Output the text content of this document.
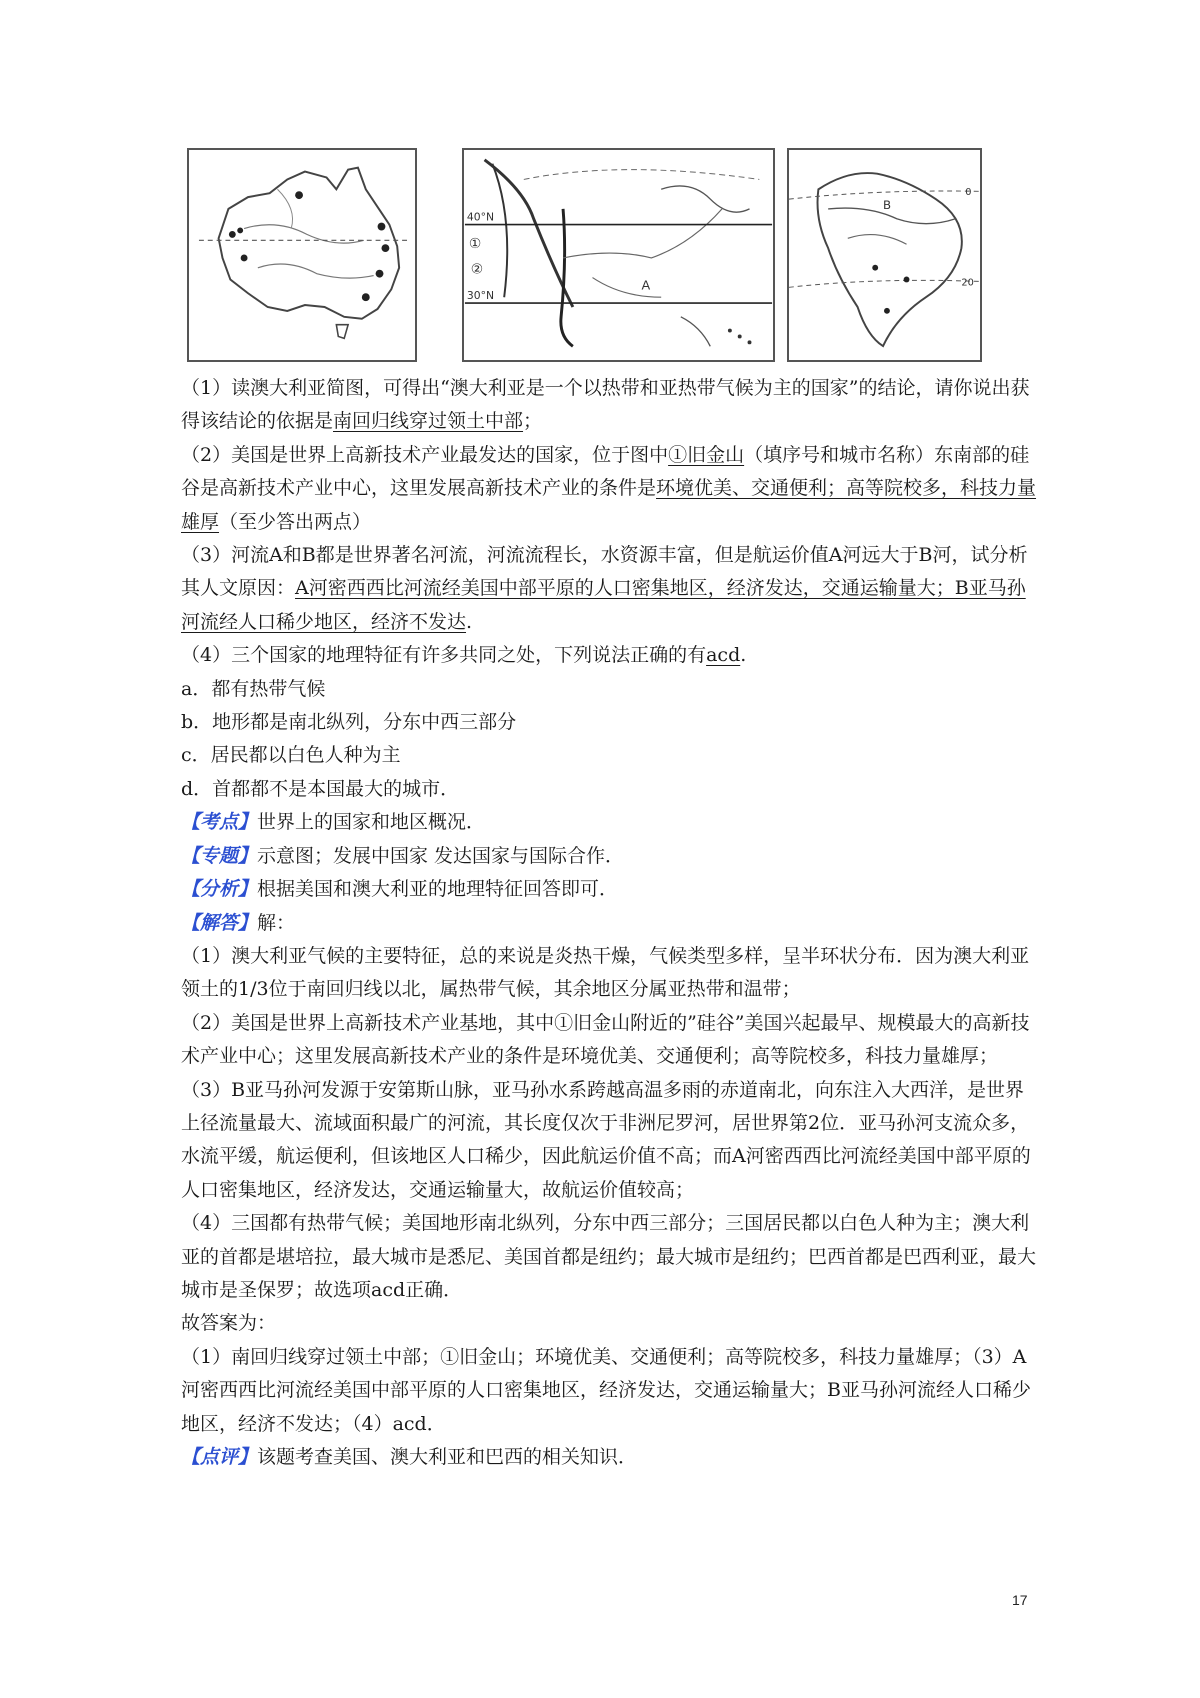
40°N
30°N
①
②
A
B
0
20

（1）读澳大利亚简图，可得出“澳大利亚是一个以热带和亚热带气候为主的国家”的结论，请你说出获得该结论的依据是南回归线穿过领土中部；

（2）美国是世界上高新技术产业最发达的国家，位于图中①旧金山（填序号和城市名称）东南部的硅谷是高新技术产业中心，这里发展高新技术产业的条件是环境优美、交通便利；高等院校多，科技力量雄厚（至少答出两点）

（3）河流A和B都是世界著名河流，河流流程长，水资源丰富，但是航运价值A河远大于B河，试分析其人文原因：A河密西西比河流经美国中部平原的人口密集地区，经济发达，交通运输量大；B亚马孙河流经人口稀少地区，经济不发达.

（4）三个国家的地理特征有许多共同之处，下列说法正确的有acd.

a．都有热带气候

b．地形都是南北纵列，分东中西三部分

c．居民都以白色人种为主

d．首都都不是本国最大的城市．

【考点】世界上的国家和地区概况．

【专题】示意图；发展中国家 发达国家与国际合作．

【分析】根据美国和澳大利亚的地理特征回答即可．

【解答】解：

（1）澳大利亚气候的主要特征，总的来说是炎热干燥，气候类型多样，呈半环状分布．因为澳大利亚领土的1/3位于南回归线以北，属热带气候，其余地区分属亚热带和温带；

（2）美国是世界上高新技术产业基地，其中①旧金山附近的”硅谷”美国兴起最早、规模最大的高新技术产业中心；这里发展高新技术产业的条件是环境优美、交通便利；高等院校多，科技力量雄厚；

（3）B亚马孙河发源于安第斯山脉，亚马孙水系跨越高温多雨的赤道南北，向东注入大西洋，是世界上径流量最大、流域面积最广的河流，其长度仅次于非洲尼罗河，居世界第2位．亚马孙河支流众多，水流平缓，航运便利，但该地区人口稀少，因此航运价值不高；而A河密西西比河流经美国中部平原的人口密集地区，经济发达，交通运输量大，故航运价值较高；

（4）三国都有热带气候；美国地形南北纵列，分东中西三部分；三国居民都以白色人种为主；澳大利亚的首都是堪培拉，最大城市是悉尼、美国首都是纽约；最大城市是纽约；巴西首都是巴西利亚，最大城市是圣保罗；故选项acd正确．

故答案为：

（1）南回归线穿过领土中部；①旧金山；环境优美、交通便利；高等院校多，科技力量雄厚；（3）A河密西西比河流经美国中部平原的人口密集地区，经济发达，交通运输量大；B亚马孙河流经人口稀少地区，经济不发达；（4）acd．

【点评】该题考查美国、澳大利亚和巴西的相关知识．

17
